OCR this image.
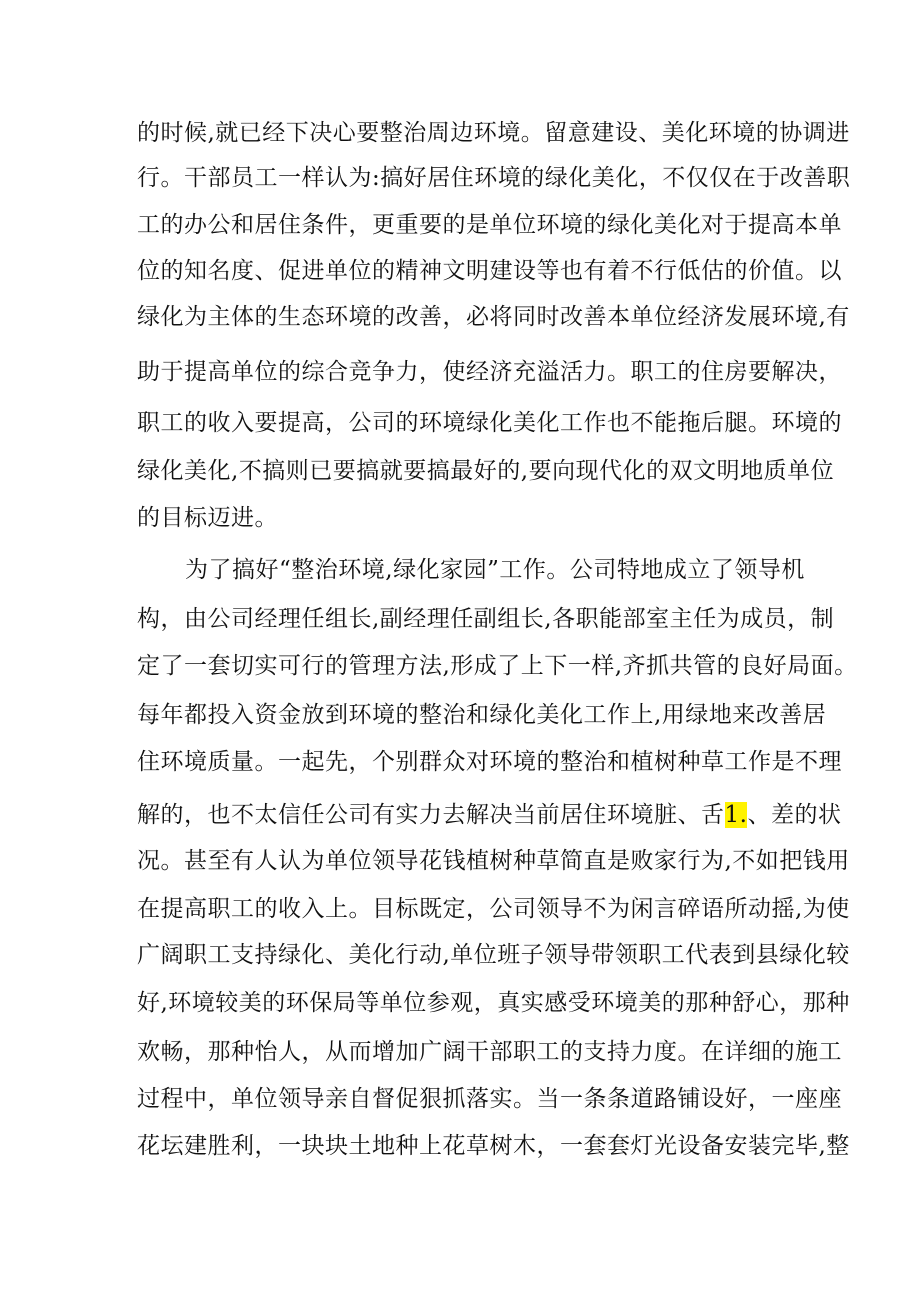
的时候,就已经下决心要整治周边环境。留意建设、美化环境的协调进
行。干部员工一样认为:搞好居住环境的绿化美化，不仅仅在于改善职
工的办公和居住条件，更重要的是单位环境的绿化美化对于提高本单
位的知名度、促进单位的精神文明建设等也有着不行低估的价值。以
绿化为主体的生态环境的改善，必将同时改善本单位经济发展环境,有
助于提高单位的综合竞争力，使经济充溢活力。职工的住房要解决，
职工的收入要提高，公司的环境绿化美化工作也不能拖后腿。环境的
绿化美化,不搞则已要搞就要搞最好的,要向现代化的双文明地质单位
的目标迈进。
为了搞好“整治环境,绿化家园”工作。公司特地成立了领导机
构，由公司经理任组长,副经理任副组长,各职能部室主任为成员，制
定了一套切实可行的管理方法,形成了上下一样,齐抓共管的良好局面。
每年都投入资金放到环境的整治和绿化美化工作上,用绿地来改善居
住环境质量。一起先，个别群众对环境的整治和植树种草工作是不理
解的，也不太信任公司有实力去解决当前居住环境脏、舌1.、差的状
况。甚至有人认为单位领导花钱植树种草简直是败家行为,不如把钱用
在提高职工的收入上。目标既定，公司领导不为闲言碎语所动摇,为使
广阔职工支持绿化、美化行动,单位班子领导带领职工代表到县绿化较
好,环境较美的环保局等单位参观，真实感受环境美的那种舒心，那种
欢畅，那种怡人，从而增加广阔干部职工的支持力度。在详细的施工
过程中，单位领导亲自督促狠抓落实。当一条条道路铺设好，一座座
花坛建胜利，一块块土地种上花草树木，一套套灯光设备安装完毕,整
